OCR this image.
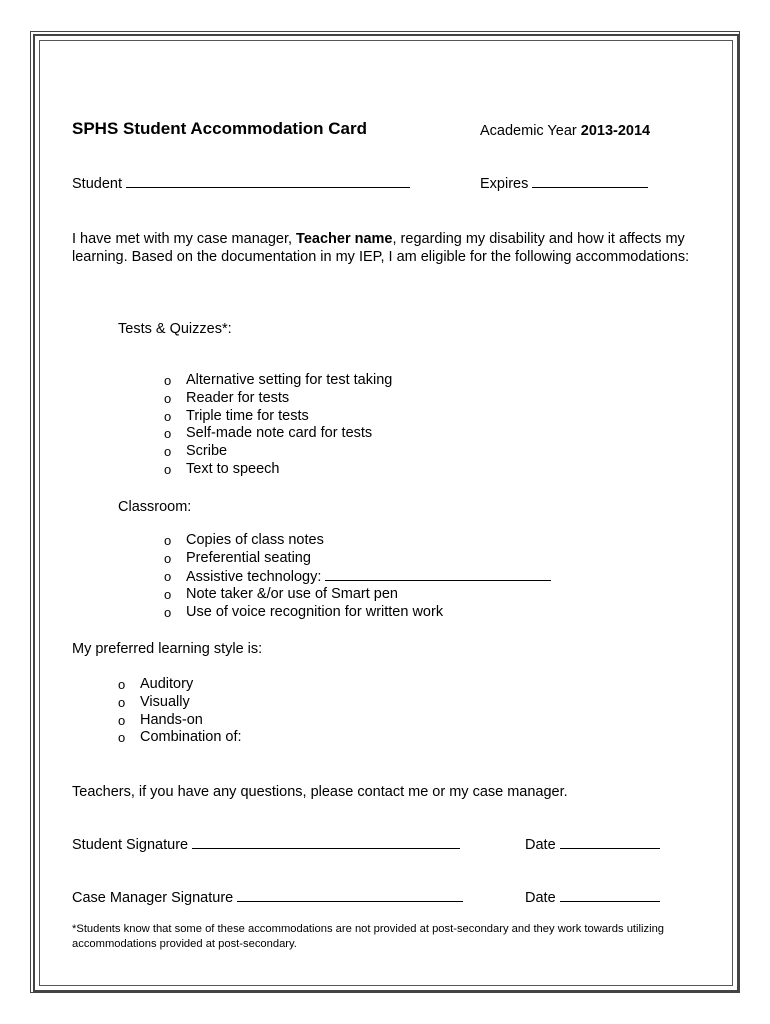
SPHS Student Accommodation Card	Academic Year 2013-2014
Student	Expires
I have met with my case manager, Teacher name, regarding my disability and how it affects my learning. Based on the documentation in my IEP, I am eligible for the following accommodations:
Tests & Quizzes*:
o Alternative setting for test taking
o Reader for tests
o Triple time for tests
o Self-made note card for tests
o Scribe
o Text to speech
Classroom:
o Copies of class notes
o Preferential seating
o Assistive technology:
o Note taker &/or use of Smart pen
o Use of voice recognition for written work
My preferred learning style is:
o Auditory
o Visually
o Hands-on
o Combination of:
Teachers, if you have any questions, please contact me or my case manager.
Student Signature	Date
Case Manager Signature	Date
*Students know that some of these accommodations are not provided at post-secondary and they work towards utilizing accommodations provided at post-secondary.
